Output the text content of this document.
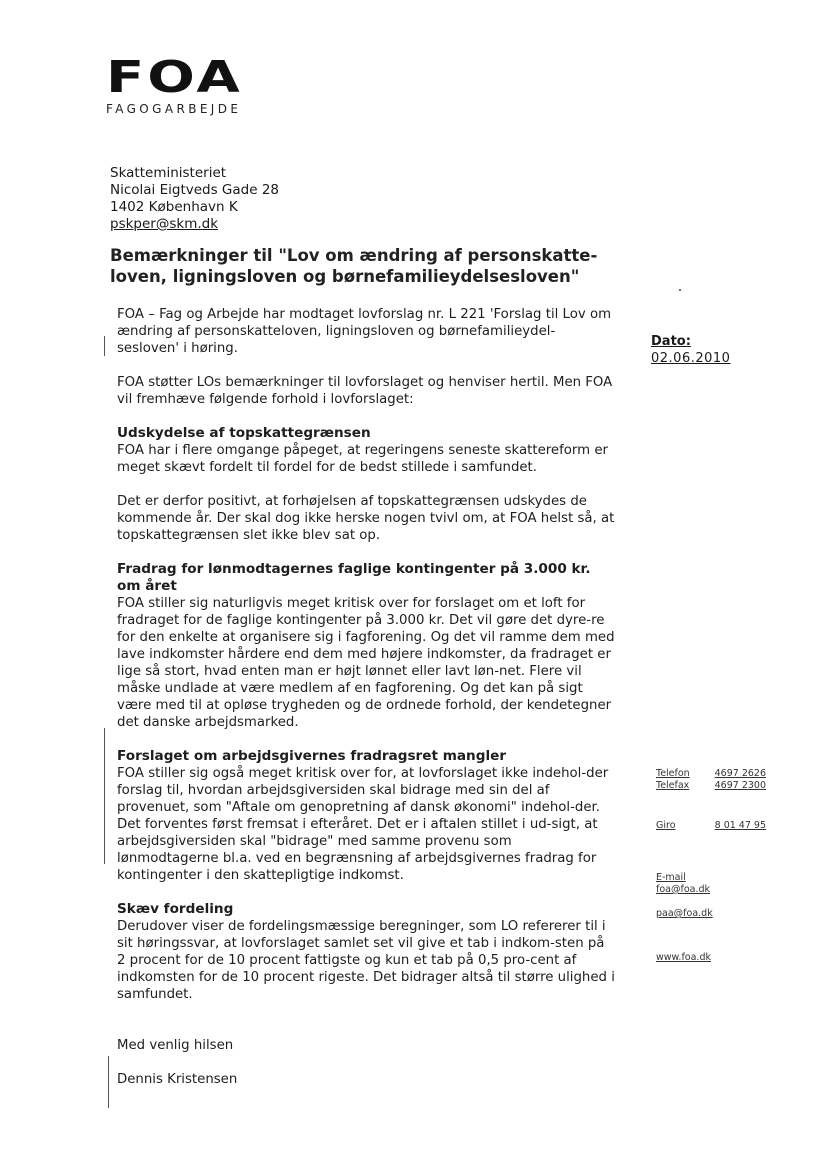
FOA
FAGOGARBEJDE
Skatteministeriet
Nicolai Eigtveds Gade 28
1402 København K
pskper@skm.dk
Bemærkninger til "Lov om ændring af personskatte-loven, ligningsloven og børnefamilieydelsesloven"
Dato:
02.06.2010

FOA – Fag og Arbejde har modtaget lovforslag nr. L 221 'Forslag til Lov om ændring af personskatteloven, ligningsloven og børnefamilieydel-sesloven' i høring.

FOA støtter LOs bemærkninger til lovforslaget og henviser hertil. Men FOA vil fremhæve følgende forhold i lovforslaget:

Udskydelse af topskattegrænsen

FOA har i flere omgange påpeget, at regeringens seneste skattereform er meget skævt fordelt til fordel for de bedst stillede i samfundet.

Det er derfor positivt, at forhøjelsen af topskattegrænsen udskydes de kommende år. Der skal dog ikke herske nogen tvivl om, at FOA helst så, at topskattegrænsen slet ikke blev sat op.

Fradrag for lønmodtagernes faglige kontingenter på 3.000 kr. om året

FOA stiller sig naturligvis meget kritisk over for forslaget om et loft for fradraget for de faglige kontingenter på 3.000 kr. Det vil gøre det dyre-re for den enkelte at organisere sig i fagforening. Og det vil ramme dem med lave indkomster hårdere end dem med højere indkomster, da fradraget er lige så stort, hvad enten man er højt lønnet eller lavt løn-net. Flere vil måske undlade at være medlem af en fagforening. Og det kan på sigt være med til at opløse trygheden og de ordnede forhold, der kendetegner det danske arbejdsmarked.

Forslaget om arbejdsgivernes fradragsret mangler

FOA stiller sig også meget kritisk over for, at lovforslaget ikke indehol-der forslag til, hvordan arbejdsgiversiden skal bidrage med sin del af provenuet, som "Aftale om genopretning af dansk økonomi" indehol-der. Det forventes først fremsat i efteråret. Det er i aftalen stillet i ud-sigt, at arbejdsgiversiden skal "bidrage" med samme provenu som lønmodtagerne bl.a. ved en begrænsning af arbejdsgivernes fradrag for kontingenter i den skattepligtige indkomst.

Skæv fordeling

Derudover viser de fordelingsmæssige beregninger, som LO refererer til i sit høringssvar, at lovforslaget samlet set vil give et tab i indkom-sten på 2 procent for de 10 procent fattigste og kun et tab på 0,5 pro-cent af indkomsten for de 10 procent rigeste. Det bidrager altså til større ulighed i samfundet.

Med venlig hilsen

Dennis Kristensen

Telefon	4697 2626
Telefax	4697 2300
Giro	8 01 47 95
E-mail
foa@foa.dk
paa@foa.dk
www.foa.dk
